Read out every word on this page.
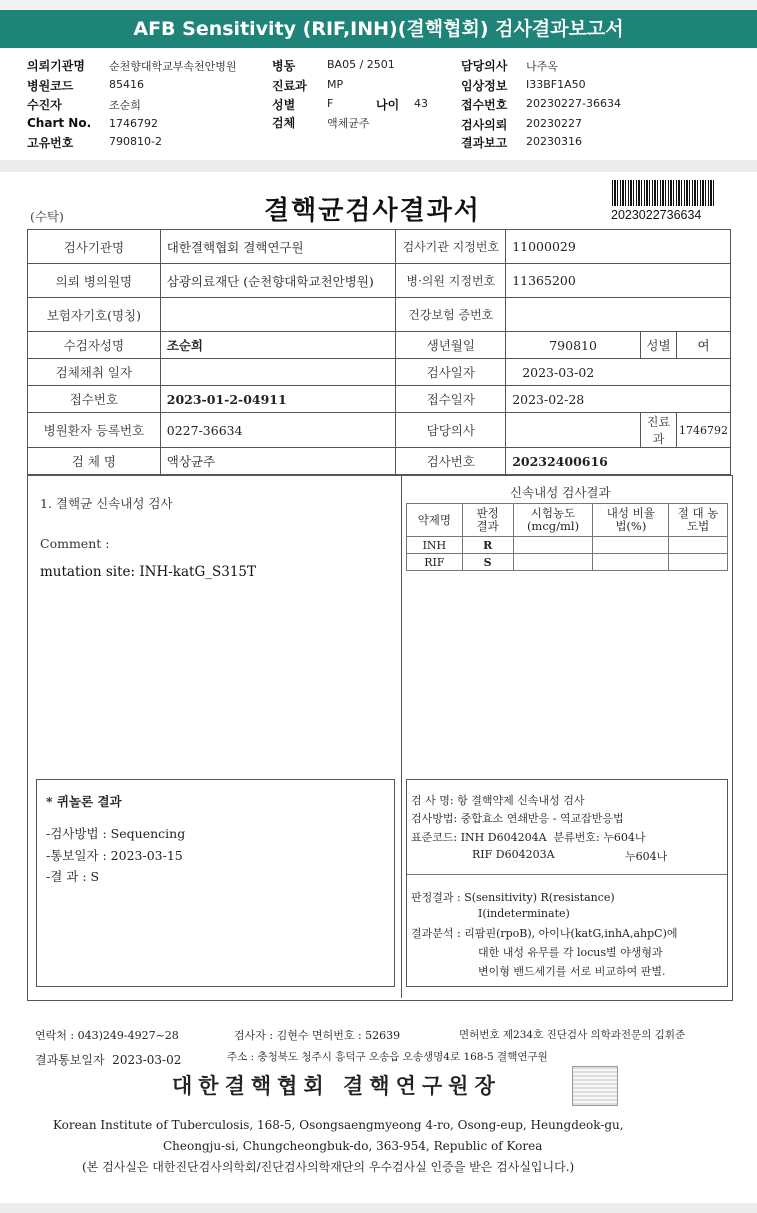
AFB Sensitivity (RIF,INH)(결핵협회) 검사결과보고서
의뢰기관명 순천향대학교부속천안병원
병원코드	85416
수진자	조순희
Chart No. 1746792
고유번호	790810-2
병동	BA05 / 2501
진료과 MP
성별	F	나이 43
검체	액체균주
담당의사 나주옥
임상정보 I33BF1A50
접수번호 20230227-36634
검사의뢰 20230227
결과보고 20230316
(수탁)	결핵균검사결과서	2023022736634
검사기관명	대한결핵협회 결핵연구원	검사기관 지정번호	11000029		
의뢰 병의원명	삼광의료재단 (순천향대학교천안병원)	병·의원 지정번호	11365200		
보험자기호(명칭)		건강보험 증번호			
수검자성명	조순희	생년월일	790810	성별	여
검체채취 일자		검사일자	2023-03-02		
접수번호	2023-01-2-04911	접수일자	2023-02-28		
병원환자 등록번호	0227-36634	담당의사		진료과	1746792
검 체 명	액상균주	검사번호	20232400616		
1. 결핵균 신속내성 검사
Comment :
mutation site: INH-katG_S315T
신속내성 검사결과
약제명	판정 결과	시험농도 (mcg/ml)	내성 비율법(%)	절 대 농도법
INH	R			
RIF	S			
* 퀴놀론 결과
-검사방법 : Sequencing
-통보일자 : 2023-03-15
-결 과 : S
검 사 명: 항 결핵약제 신속내성 검사
검사방법: 중합효소 연쇄반응 - 역교잡반응법
표준코드: INH D604204A  분류번호: 누604나
RIF D604203A	누604나
판정결과 : S(sensitivity) R(resistance)
I(indeterminate)
결과분석 : 리팜핀(rpoB), 아이나(katG,inhA,ahpC)에
대한 내성 유무를 각 locus별 야생형과
변이형 밴드세기를 서로 비교하여 판별.
연락처 : 043)249-4927~28	검사자 : 김현수 면허번호 : 52639	면허번호 제234호 진단검사 의학과전문의 김휘준
결과통보일자  2023-03-02	주소 : 충청북도 청주시 흥덕구 오송읍 오송생명4로 168-5 결핵연구원
대한결핵협회 결핵연구원장
Korean Institute of Tuberculosis, 168-5, Osongsaengmyeong 4-ro, Osong-eup, Heungdeok-gu,
Cheongju-si, Chungcheongbuk-do, 363-954, Republic of Korea
(본 검사실은 대한진단검사의학회/진단검사의학재단의 우수검사실 인증을 받은 검사실입니다.)
